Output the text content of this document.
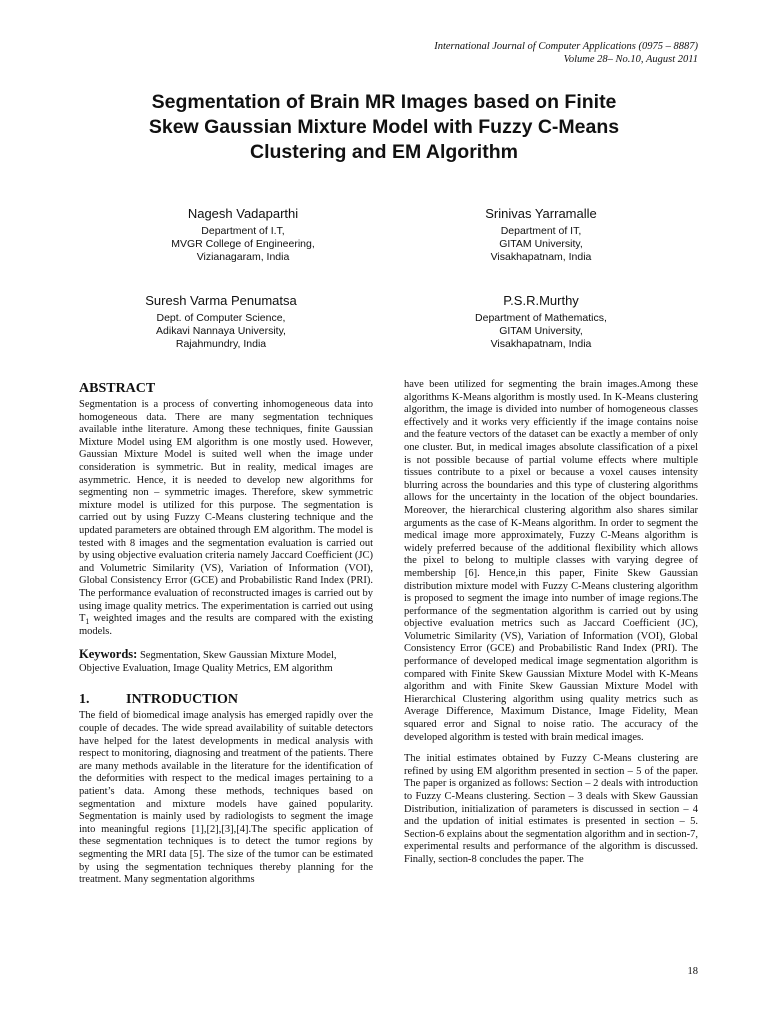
International Journal of Computer Applications (0975 – 8887)
Volume 28– No.10, August 2011
Segmentation of Brain MR Images based on Finite
Skew Gaussian Mixture Model with Fuzzy C-Means
Clustering and EM Algorithm
Nagesh Vadaparthi
Department of I.T,
MVGR College of Engineering,
Vizianagaram, India
Srinivas Yarramalle
Department of IT,
GITAM University,
Visakhapatnam, India
Suresh Varma Penumatsa
Dept. of Computer Science,
Adikavi Nannaya University,
Rajahmundry, India
P.S.R.Murthy
Department of Mathematics,
GITAM University,
Visakhapatnam, India
ABSTRACT

Segmentation is a process of converting inhomogeneous data into homogeneous data. There are many segmentation techniques available inthe literature. Among these techniques, finite Gaussian Mixture Model using EM algorithm is one mostly used. However, Gaussian Mixture Model is suited well when the image under consideration is symmetric. But in reality, medical images are asymmetric. Hence, it is needed to develop new algorithms for segmenting non – symmetric images. Therefore, skew symmetric mixture model is utilized for this purpose. The segmentation is carried out by using Fuzzy C-Means clustering technique and the updated parameters are obtained through EM algorithm. The model is tested with 8 images and the segmentation evaluation is carried out by using objective evaluation criteria namely Jaccard Coefficient (JC) and Volumetric Similarity (VS), Variation of Information (VOI), Global Consistency Error (GCE) and Probabilistic Rand Index (PRI). The performance evaluation of reconstructed images is carried out by using image quality metrics. The experimentation is carried out using $T_1$ weighted images and the results are compared with the existing models.

Keywords: Segmentation, Skew Gaussian Mixture Model, Objective Evaluation, Image Quality Metrics, EM algorithm

1.	INTRODUCTION

The field of biomedical image analysis has emerged rapidly over the couple of decades. The wide spread availability of suitable detectors have helped for the latest developments in medical analysis with respect to monitoring, diagnosing and treatment of the patients. There are many methods available in the literature for the identification of the deformities with respect to the medical images pertaining to a patient’s data. Among these methods, techniques based on segmentation and mixture models have gained popularity. Segmentation is mainly used by radiologists to segment the image into meaningful regions [1],[2],[3],[4].The specific application of these segmentation techniques is to detect the tumor regions by segmenting the MRI data [5]. The size of the tumor can be estimated by using the segmentation techniques thereby planning for the treatment. Many segmentation algorithms

have been utilized for segmenting the brain images.Among these algorithms K-Means algorithm is mostly used. In K-Means clustering algorithm, the image is divided into number of homogeneous classes effectively and it works very efficiently if the image contains noise and the feature vectors of the dataset can be exactly a member of only one cluster. But, in medical images absolute classification of a pixel is not possible because of partial volume effects where multiple tissues contribute to a pixel or because a voxel causes intensity blurring across the boundaries and this type of clustering algorithms allows for the uncertainty in the location of the object boundaries. Moreover, the hierarchical clustering algorithm also shares similar arguments as the case of K-Means algorithm. In order to segment the medical image more approximately, Fuzzy C-Means algorithm is widely preferred because of the additional flexibility which allows the pixel to belong to multiple classes with varying degree of membership [6]. Hence,in this paper, Finite Skew Gaussian distribution mixture model with Fuzzy C-Means clustering algorithm is proposed to segment the image into number of image regions.The performance of the segmentation algorithm is carried out by using objective evaluation metrics such as Jaccard Coefficient (JC), Volumetric Similarity (VS), Variation of Information (VOI), Global Consistency Error (GCE) and Probabilistic Rand Index (PRI). The performance of developed medical image segmentation algorithm is compared with Finite Skew Gaussian Mixture Model with K-Means algorithm and with Finite Skew Gaussian Mixture Model with Hierarchical Clustering algorithm using quality metrics such as Average Difference, Maximum Distance, Image Fidelity, Mean squared error and Signal to noise ratio. The accuracy of the developed algorithm is tested with brain medical images.

The initial estimates obtained by Fuzzy C-Means clustering are refined by using EM algorithm presented in section – 5 of the paper. The paper is organized as follows: Section – 2 deals with introduction to Fuzzy C-Means clustering. Section – 3 deals with Skew Gaussian Distribution, initialization of parameters is discussed in section – 4 and the updation of initial estimates is presented in section – 5. Section-6 explains about the segmentation algorithm and in section-7, experimental results and performance of the algorithm is discussed. Finally, section-8 concludes the paper. The

18
